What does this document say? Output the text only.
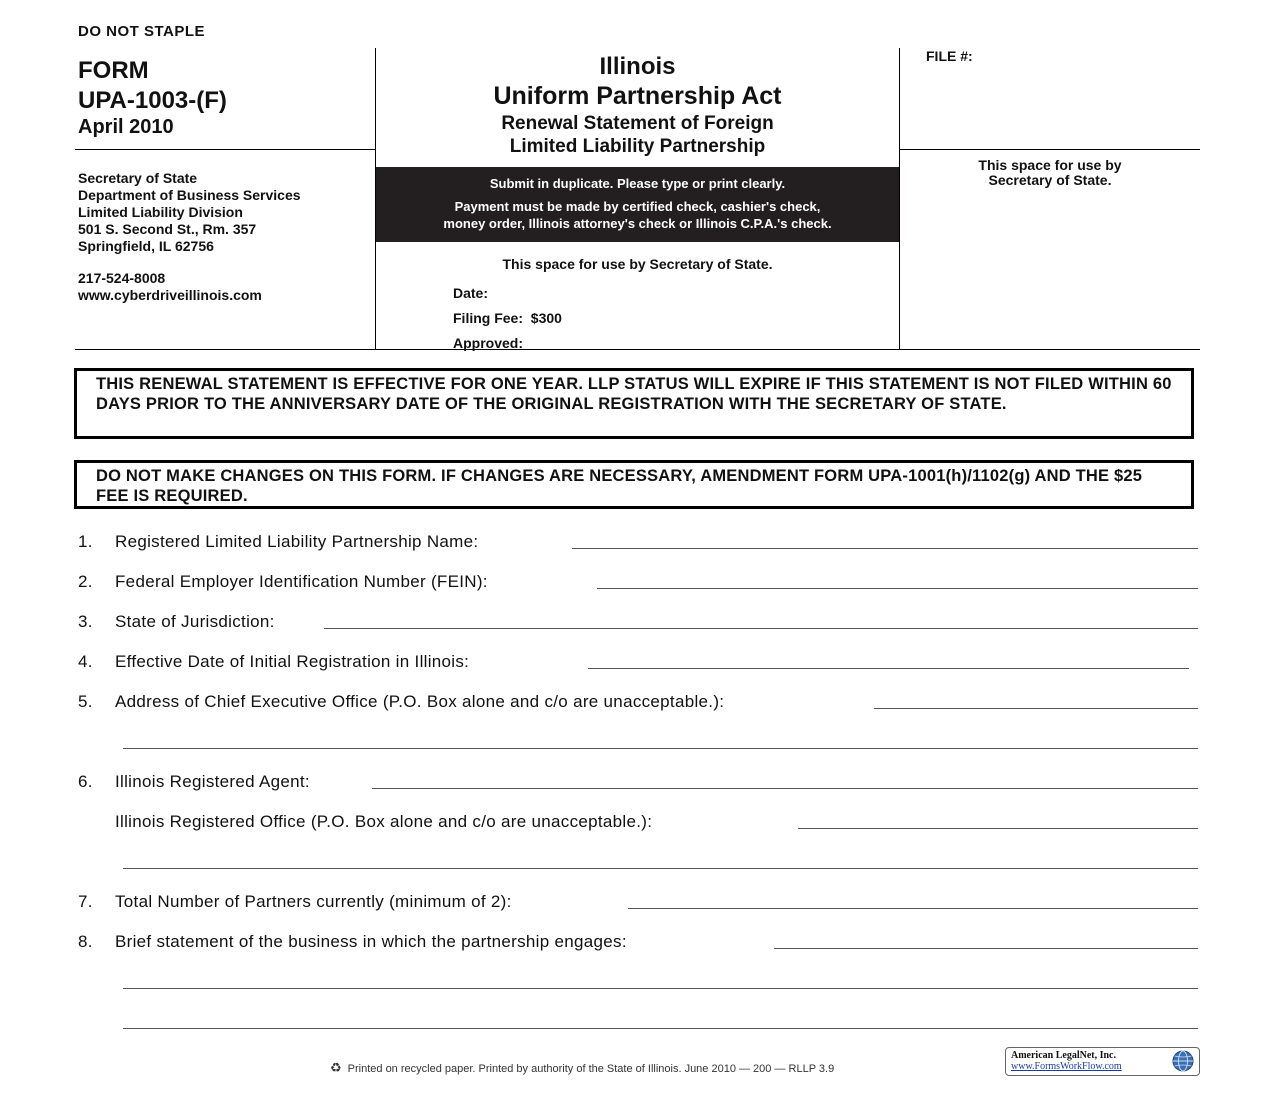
DO NOT STAPLE
FORM
UPA-1003-(F)
April 2010
Secretary of State
Department of Business Services
Limited Liability Division
501 S. Second St., Rm. 357
Springfield, IL 62756
217-524-8008
www.cyberdriveillinois.com
Illinois
Uniform Partnership Act
Renewal Statement of Foreign
Limited Liability Partnership
Submit in duplicate. Please type or print clearly.
Payment must be made by certified check, cashier's check,
money order, Illinois attorney's check or Illinois C.P.A.'s check.
This space for use by Secretary of State.
Date:
Filing Fee: $300
Approved:
FILE #:
This space for use by
Secretary of State.
THIS RENEWAL STATEMENT IS EFFECTIVE FOR ONE YEAR. LLP STATUS WILL EXPIRE IF THIS STATEMENT IS NOT FILED WITHIN 60 DAYS PRIOR TO THE ANNIVERSARY DATE OF THE ORIGINAL REGISTRATION WITH THE SECRETARY OF STATE.
DO NOT MAKE CHANGES ON THIS FORM. IF CHANGES ARE NECESSARY, AMENDMENT FORM UPA-1001(h)/1102(g) AND THE $25 FEE IS REQUIRED.
1. Registered Limited Liability Partnership Name:
2. Federal Employer Identification Number (FEIN):
3. State of Jurisdiction:
4. Effective Date of Initial Registration in Illinois:
5. Address of Chief Executive Office (P.O. Box alone and c/o are unacceptable.):
6. Illinois Registered Agent:
Illinois Registered Office (P.O. Box alone and c/o are unacceptable.):
7. Total Number of Partners currently (minimum of 2):
8. Brief statement of the business in which the partnership engages:
♻ Printed on recycled paper. Printed by authority of the State of Illinois. June 2010 — 200 — RLLP 3.9
American LegalNet, Inc.
www.FormsWorkFlow.com
